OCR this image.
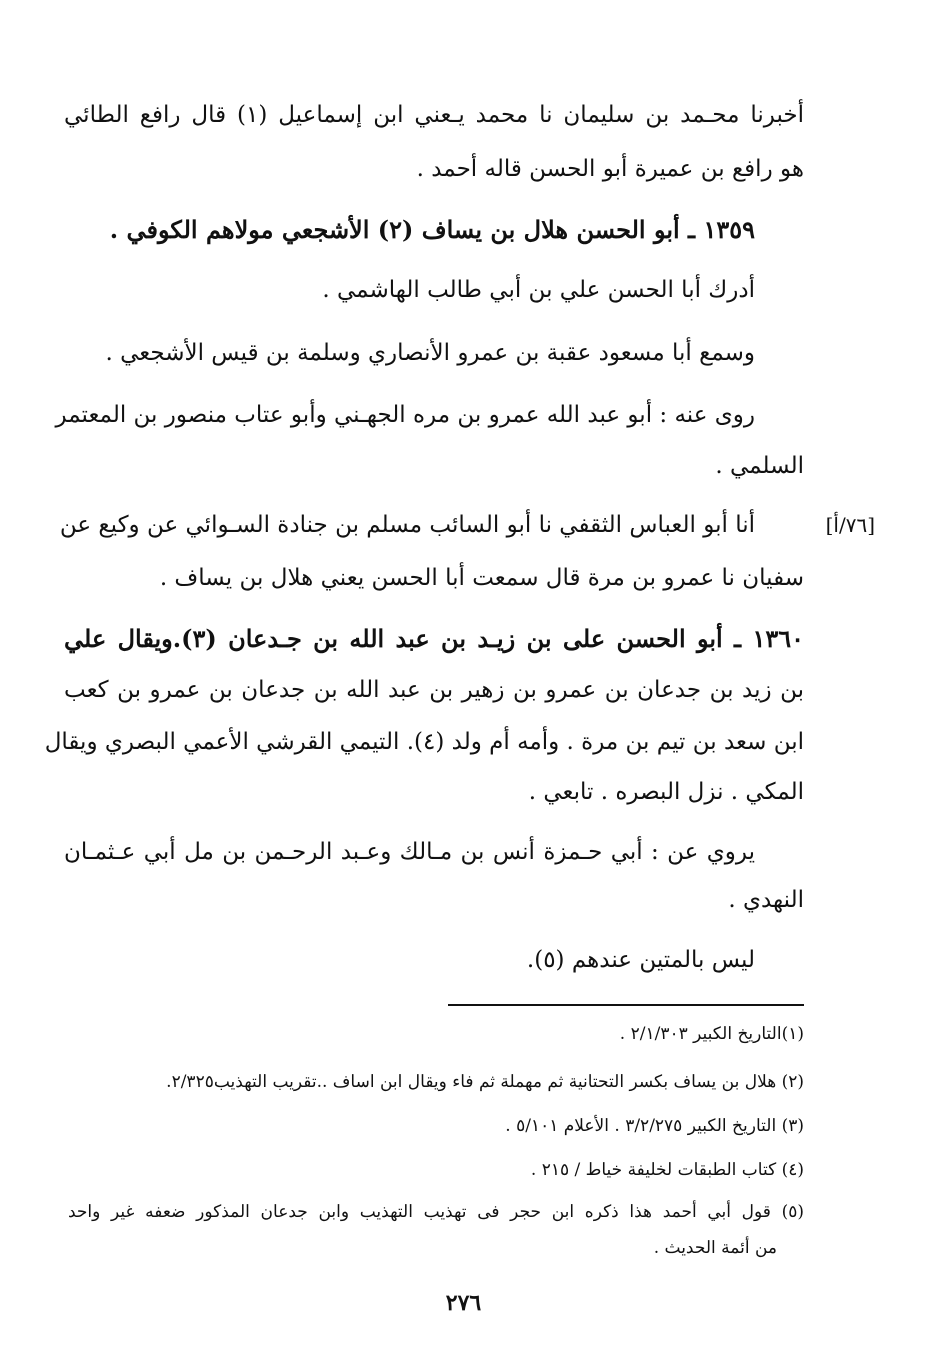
أخبرنا محـمد بن سليمان نا محمد يـعني ابن إسماعيل (١) قال رافع الطائي
هو رافع بن عميرة أبو الحسن قاله أحمد .
١٣٥٩ ـ أبو الحسن هلال بن يساف (٢) الأشجعي مولاهم الكوفي .
أدرك أبا الحسن علي بن أبي طالب الهاشمي .
وسمع أبا مسعود عقبة بن عمرو الأنصاري وسلمة بن قيس الأشجعي .
روى عنه : أبو عبد الله عمرو بن مره الجهـني وأبو عتاب منصور بن المعتمر
السلمي .
[٧٦/أ]
أنا أبو العباس الثقفي نا أبو السائب مسلم بن جنادة السـوائي عن وكيع عن
سفيان نا عمرو بن مرة قال سمعت أبا الحسن يعني هلال بن يساف .
١٣٦٠ ـ أبو الحسن على بن زيـد بن عبد الله بن جـدعان (٣).ويقال علي
بن زيد بن جدعان بن عمرو بن زهير بن عبد الله بن جدعان بن عمرو بن كعب
ابن سعد بن تيم بن مرة . وأمه أم ولد (٤). التيمي القرشي الأعمي البصري ويقال
المكي . نزل البصره . تابعي .
يروي عن : أبي حـمزة أنس بن مـالك وعـبد الرحـمن بن مل أبي عـثمـان
النهدي .
ليس بالمتين عندهم (٥).
(١)التاريخ الكبير ٢/١/٣٠٣ .
(٢) هلال بن يساف بكسر التحتانية ثم مهملة ثم فاء ويقال ابن اساف ..تقريب التهذيب٢/٣٢٥.
(٣) التاريخ الكبير ٣/٢/٢٧٥ . الأعلام ٥/١٠١ .
(٤) كتاب الطبقات لخليفة خياط / ٢١٥ .
(٥) قول أبي أحمد هذا ذكره ابن حجر فى تهذيب التهذيب وابن جدعان المذكور ضعفه غير واحد
من أئمة الحديث .
٢٧٦
